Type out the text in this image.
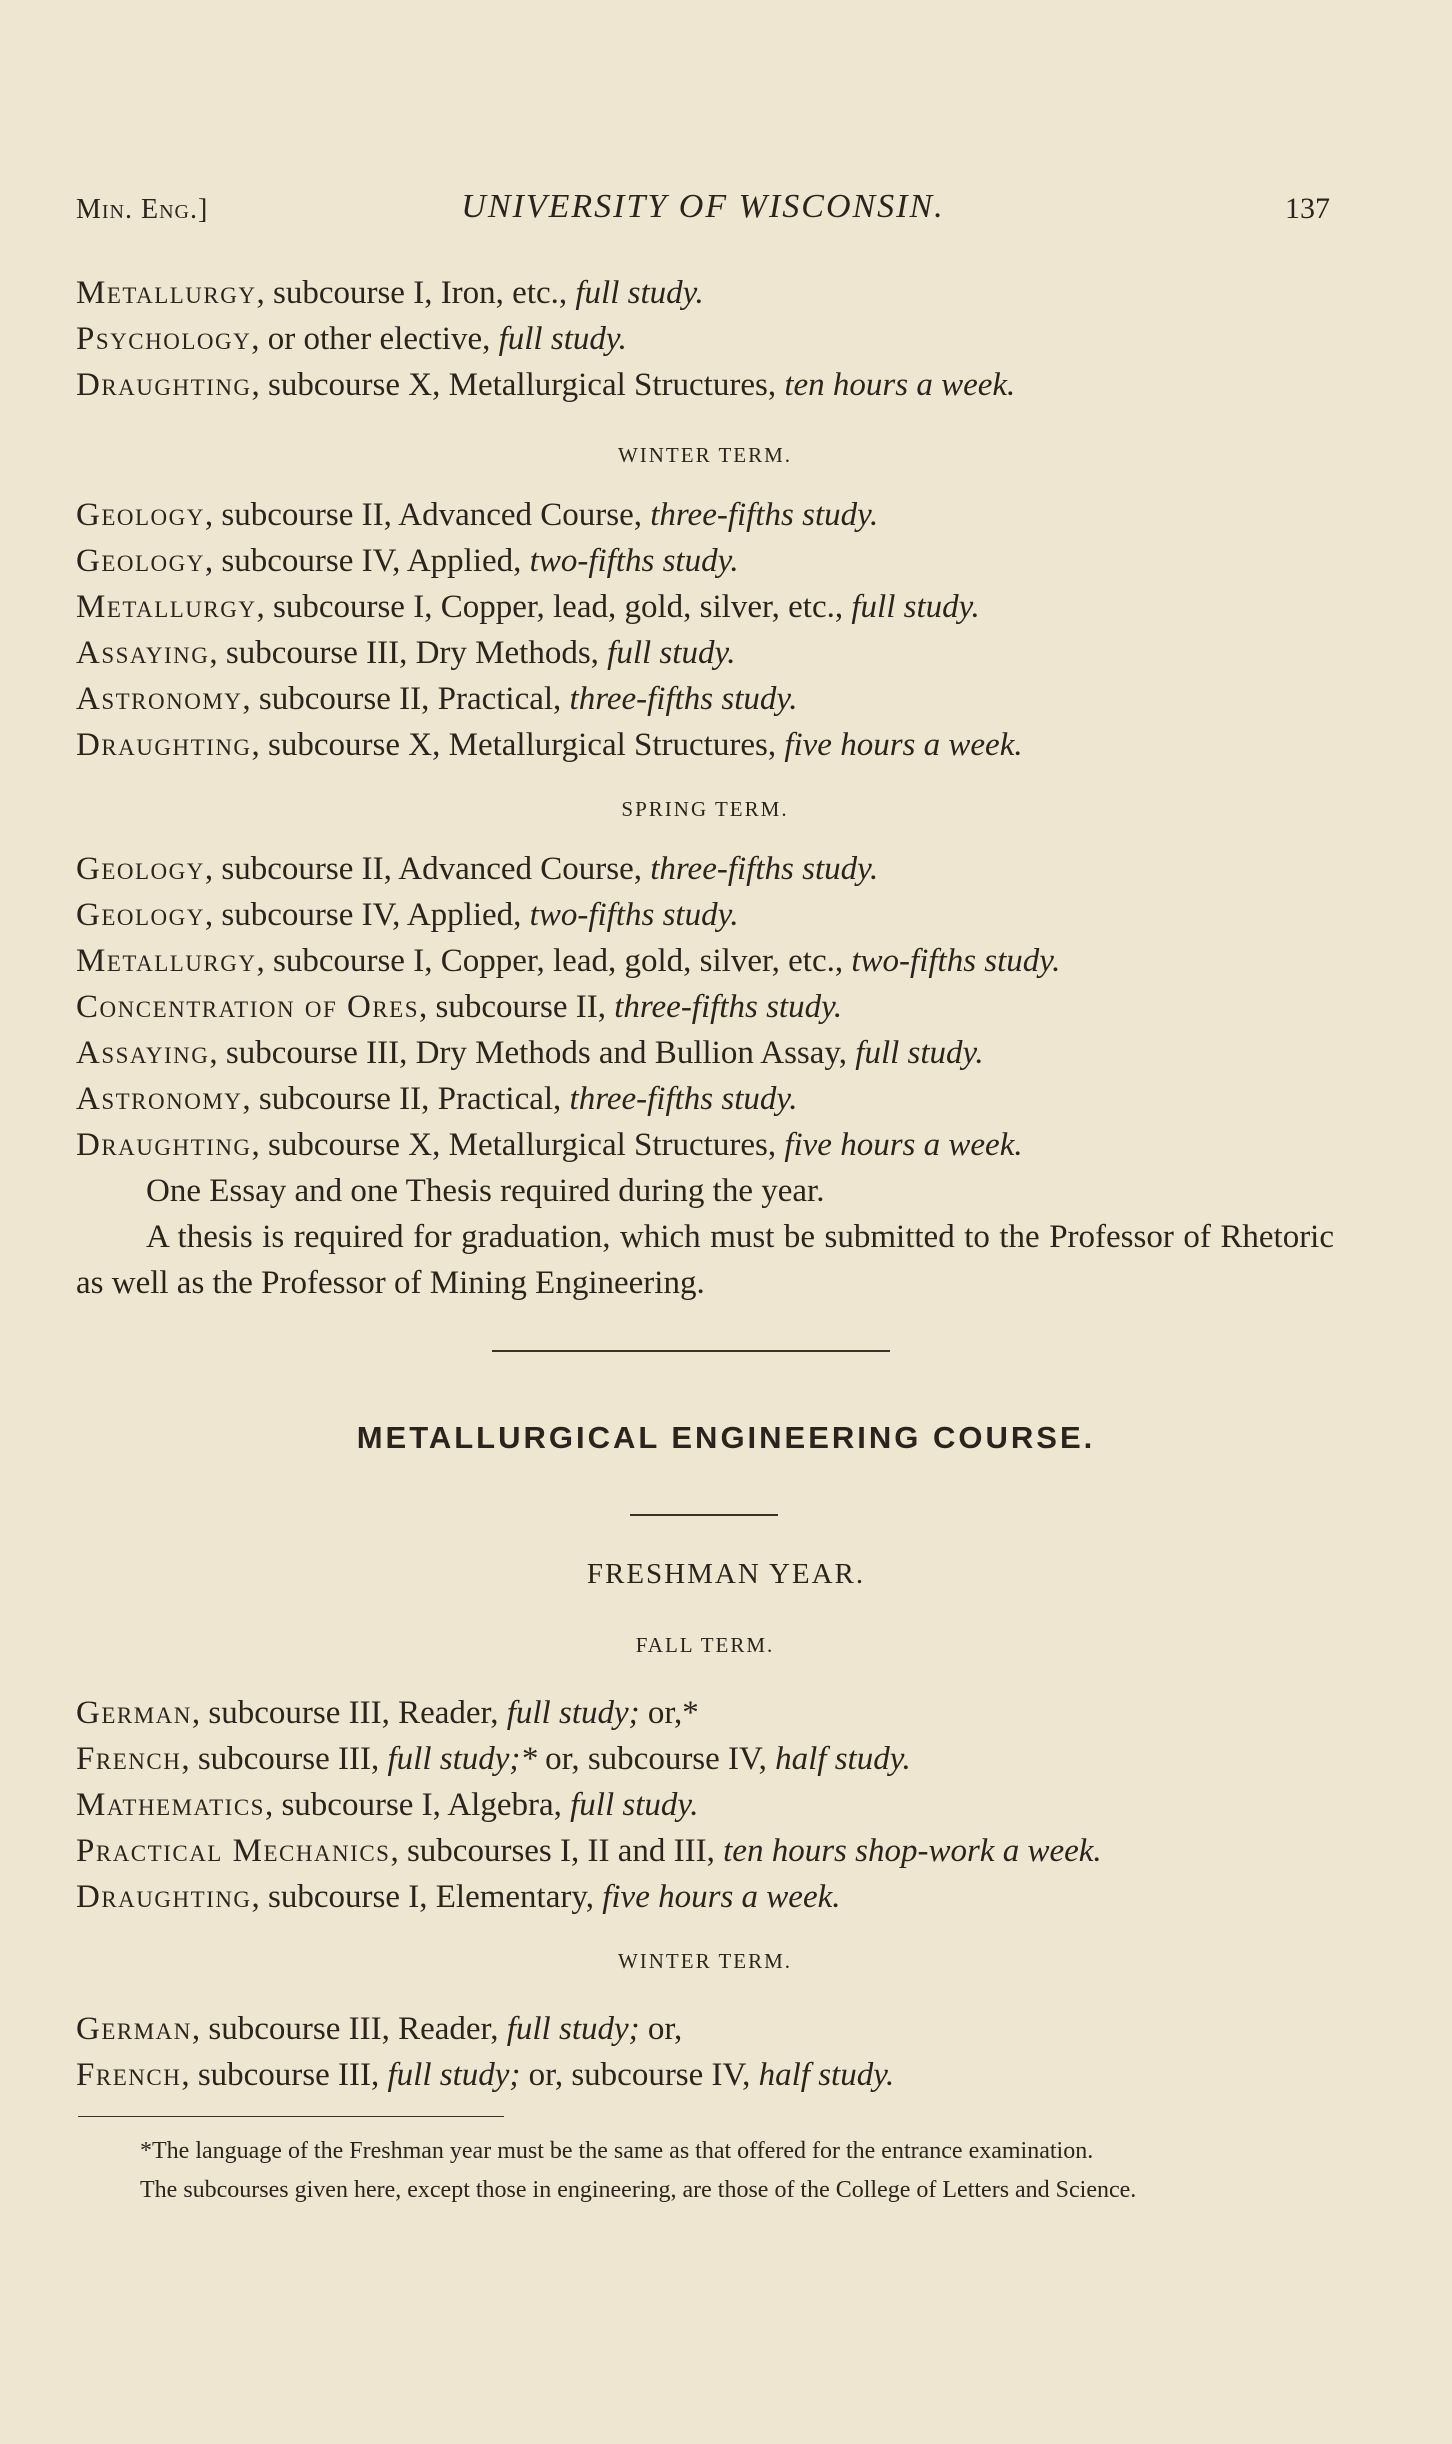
Min. Eng.]	UNIVERSITY OF WISCONSIN.	137
Metallurgy, subcourse I, Iron, etc., full study.
Psychology, or other elective, full study.
Draughting, subcourse X, Metallurgical Structures, ten hours a week.
WINTER TERM.
Geology, subcourse II, Advanced Course, three-fifths study.
Geology, subcourse IV, Applied, two-fifths study.
Metallurgy, subcourse I, Copper, lead, gold, silver, etc., full study.
Assaying, subcourse III, Dry Methods, full study.
Astronomy, subcourse II, Practical, three-fifths study.
Draughting, subcourse X, Metallurgical Structures, five hours a week.
SPRING TERM.
Geology, subcourse II, Advanced Course, three-fifths study.
Geology, subcourse IV, Applied, two-fifths study.
Metallurgy, subcourse I, Copper, lead, gold, silver, etc., two-fifths study.
Concentration of Ores, subcourse II, three-fifths study.
Assaying, subcourse III, Dry Methods and Bullion Assay, full study.
Astronomy, subcourse II, Practical, three-fifths study.
Draughting, subcourse X, Metallurgical Structures, five hours a week.
One Essay and one Thesis required during the year.
A thesis is required for graduation, which must be submitted to the Professor of Rhetoric as well as the Professor of Mining Engineering.
METALLURGICAL ENGINEERING COURSE.
FRESHMAN YEAR.
FALL TERM.
German, subcourse III, Reader, full study; or,*
French, subcourse III, full study;* or, subcourse IV, half study.
Mathematics, subcourse I, Algebra, full study.
Practical Mechanics, subcourses I, II and III, ten hours shop-work a week.
Draughting, subcourse I, Elementary, five hours a week.
WINTER TERM.
German, subcourse III, Reader, full study; or,
French, subcourse III, full study; or, subcourse IV, half study.

*The language of the Freshman year must be the same as that offered for the entrance examination.

The subcourses given here, except those in engineering, are those of the College of Letters and Science.
